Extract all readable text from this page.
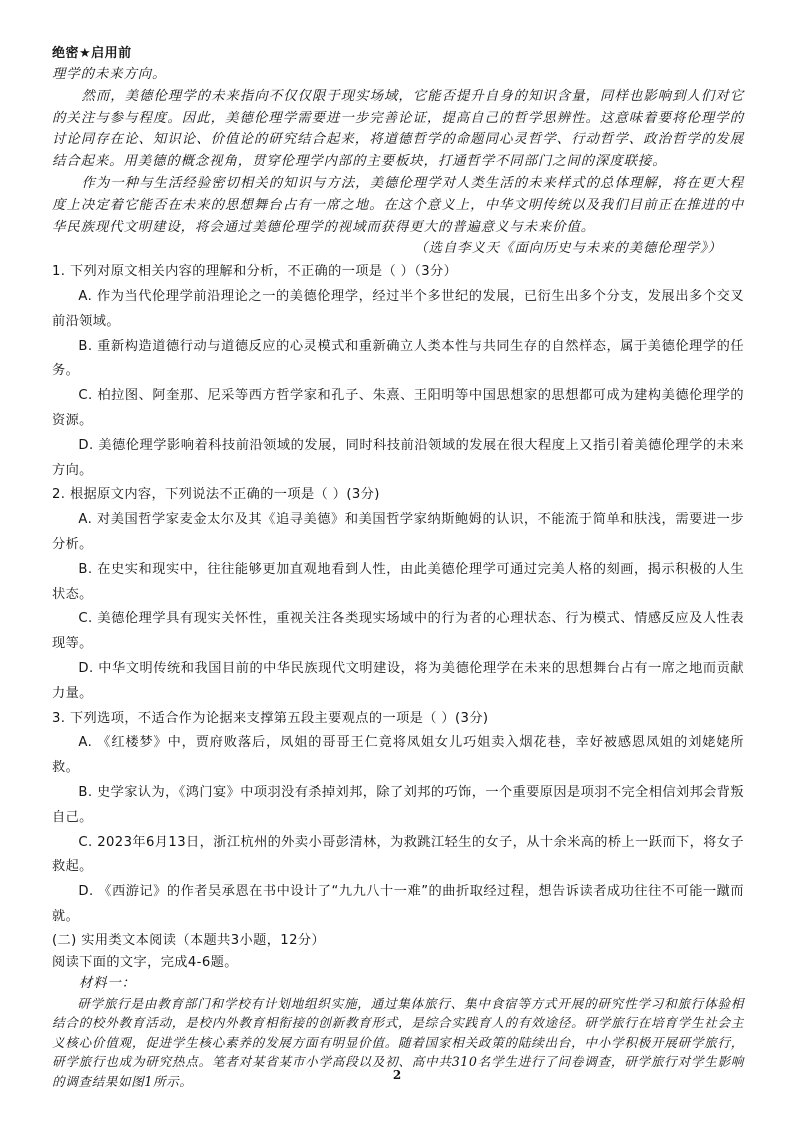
绝密★启用前

理学的未来方向。

然而，美德伦理学的未来指向不仅仅限于现实场域，它能否提升自身的知识含量，同样也影响到人们对它的关注与参与程度。因此，美德伦理学需要进一步完善论证，提高自己的哲学思辨性。这意味着要将伦理学的讨论同存在论、知识论、价值论的研究结合起来，将道德哲学的命题同心灵哲学、行动哲学、政治哲学的发展结合起来。用美德的概念视角，贯穿伦理学内部的主要板块，打通哲学不同部门之间的深度联接。

作为一种与生活经验密切相关的知识与方法，美德伦理学对人类生活的未来样式的总体理解，将在更大程度上决定着它能否在未来的思想舞台占有一席之地。在这个意义上，中华文明传统以及我们目前正在推进的中华民族现代文明建设，将会通过美德伦理学的视域而获得更大的普遍意义与未来价值。

（选自李义天《面向历史与未来的美德伦理学》）

1. 下列对原文相关内容的理解和分析，不正确的一项是（ ）（3分）

A. 作为当代伦理学前沿理论之一的美德伦理学，经过半个多世纪的发展，已衍生出多个分支，发展出多个交叉前沿领域。

B. 重新构造道德行动与道德反应的心灵模式和重新确立人类本性与共同生存的自然样态，属于美德伦理学的任务。

C. 柏拉图、阿奎那、尼采等西方哲学家和孔子、朱熹、王阳明等中国思想家的思想都可成为建构美德伦理学的资源。

D. 美德伦理学影响着科技前沿领域的发展，同时科技前沿领域的发展在很大程度上又指引着美德伦理学的未来方向。

2. 根据原文内容，下列说法不正确的一项是（ ）(3分)

A. 对美国哲学家麦金太尔及其《追寻美德》和美国哲学家纳斯鲍姆的认识，不能流于简单和肤浅，需要进一步分析。

B. 在史实和现实中，往往能够更加直观地看到人性，由此美德伦理学可通过完美人格的刻画，揭示积极的人生状态。

C. 美德伦理学具有现实关怀性，重视关注各类现实场域中的行为者的心理状态、行为模式、情感反应及人性表现等。

D. 中华文明传统和我国目前的中华民族现代文明建设，将为美德伦理学在未来的思想舞台占有一席之地而贡献力量。

3. 下列选项，不适合作为论据来支撑第五段主要观点的一项是（ ）(3分)

A. 《红楼梦》中，贾府败落后，凤姐的哥哥王仁竟将凤姐女儿巧姐卖入烟花巷，幸好被感恩凤姐的刘姥姥所救。

B. 史学家认为，《鸿门宴》中项羽没有杀掉刘邦，除了刘邦的巧饰，一个重要原因是项羽不完全相信刘邦会背叛自己。

C. 2023年6月13日，浙江杭州的外卖小哥彭清林，为救跳江轻生的女子，从十余米高的桥上一跃而下，将女子救起。

D. 《西游记》的作者吴承恩在书中设计了“九九八十一难”的曲折取经过程，想告诉读者成功往往不可能一蹴而就。

(二) 实用类文本阅读（本题共3小题，12分）

阅读下面的文字，完成4-6题。

材料一：

研学旅行是由教育部门和学校有计划地组织实施，通过集体旅行、集中食宿等方式开展的研究性学习和旅行体验相结合的校外教育活动，是校内外教育相衔接的创新教育形式，是综合实践育人的有效途径。研学旅行在培育学生社会主义核心价值观，促进学生核心素养的发展方面有明显价值。随着国家相关政策的陆续出台，中小学积极开展研学旅行，研学旅行也成为研究热点。笔者对某省某市小学高段以及初、高中共310名学生进行了问卷调查，研学旅行对学生影响的调查结果如图1所示。	2
